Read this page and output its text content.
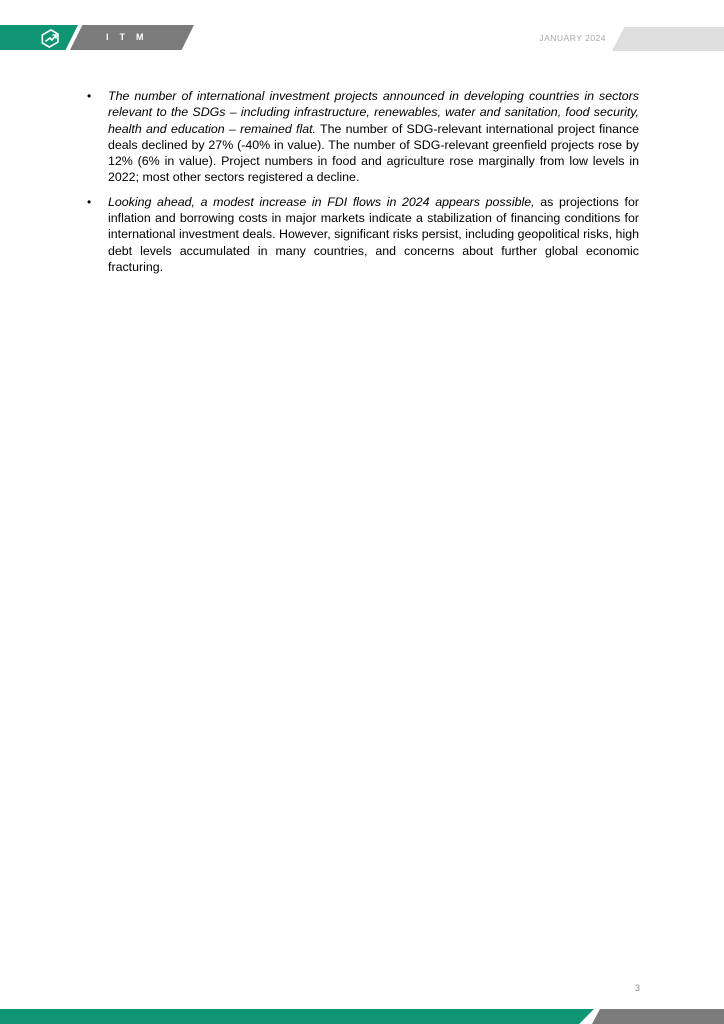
ITM	JANUARY 2024
• The number of international investment projects announced in developing countries in sectors relevant to the SDGs – including infrastructure, renewables, water and sanitation, food security, health and education – remained flat. The number of SDG-relevant international project finance deals declined by 27% (-40% in value). The number of SDG-relevant greenfield projects rose by 12% (6% in value). Project numbers in food and agriculture rose marginally from low levels in 2022; most other sectors registered a decline.
• Looking ahead, a modest increase in FDI flows in 2024 appears possible, as projections for inflation and borrowing costs in major markets indicate a stabilization of financing conditions for international investment deals. However, significant risks persist, including geopolitical risks, high debt levels accumulated in many countries, and concerns about further global economic fracturing.
3
